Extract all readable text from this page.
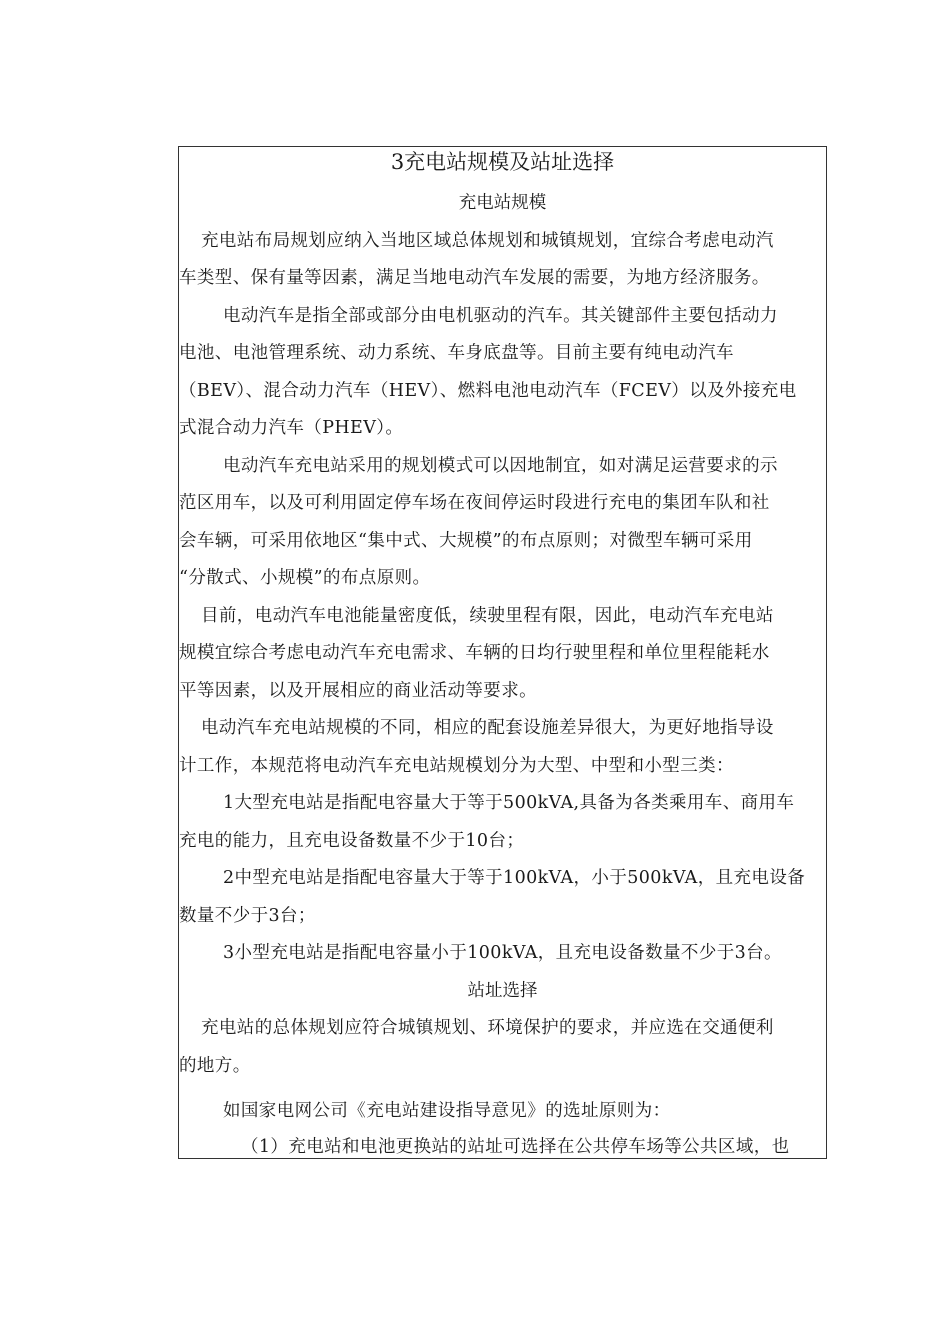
3充电站规模及站址选择
充电站规模
充电站布局规划应纳入当地区域总体规划和城镇规划，宜综合考虑电动汽
车类型、保有量等因素，满足当地电动汽车发展的需要，为地方经济服务。
电动汽车是指全部或部分由电机驱动的汽车。其关键部件主要包括动力
电池、电池管理系统、动力系统、车身底盘等。目前主要有纯电动汽车
（BEV）、混合动力汽车（HEV）、燃料电池电动汽车（FCEV）以及外接充电
式混合动力汽车（PHEV）。
电动汽车充电站采用的规划模式可以因地制宜，如对满足运营要求的示
范区用车，以及可利用固定停车场在夜间停运时段进行充电的集团车队和社
会车辆，可采用依地区“集中式、大规模”的布点原则；对微型车辆可采用
“分散式、小规模”的布点原则。
目前，电动汽车电池能量密度低，续驶里程有限，因此，电动汽车充电站
规模宜综合考虑电动汽车充电需求、车辆的日均行驶里程和单位里程能耗水
平等因素，以及开展相应的商业活动等要求。
电动汽车充电站规模的不同，相应的配套设施差异很大，为更好地指导设
计工作，本规范将电动汽车充电站规模划分为大型、中型和小型三类：
1大型充电站是指配电容量大于等于500kVA,具备为各类乘用车、商用车
充电的能力，且充电设备数量不少于10台；
2中型充电站是指配电容量大于等于100kVA，小于500kVA，且充电设备
数量不少于3台；
3小型充电站是指配电容量小于100kVA，且充电设备数量不少于3台。
站址选择
充电站的总体规划应符合城镇规划、环境保护的要求，并应选在交通便利
的地方。
如国家电网公司《充电站建设指导意见》的选址原则为：
（1）充电站和电池更换站的站址可选择在公共停车场等公共区域，也
